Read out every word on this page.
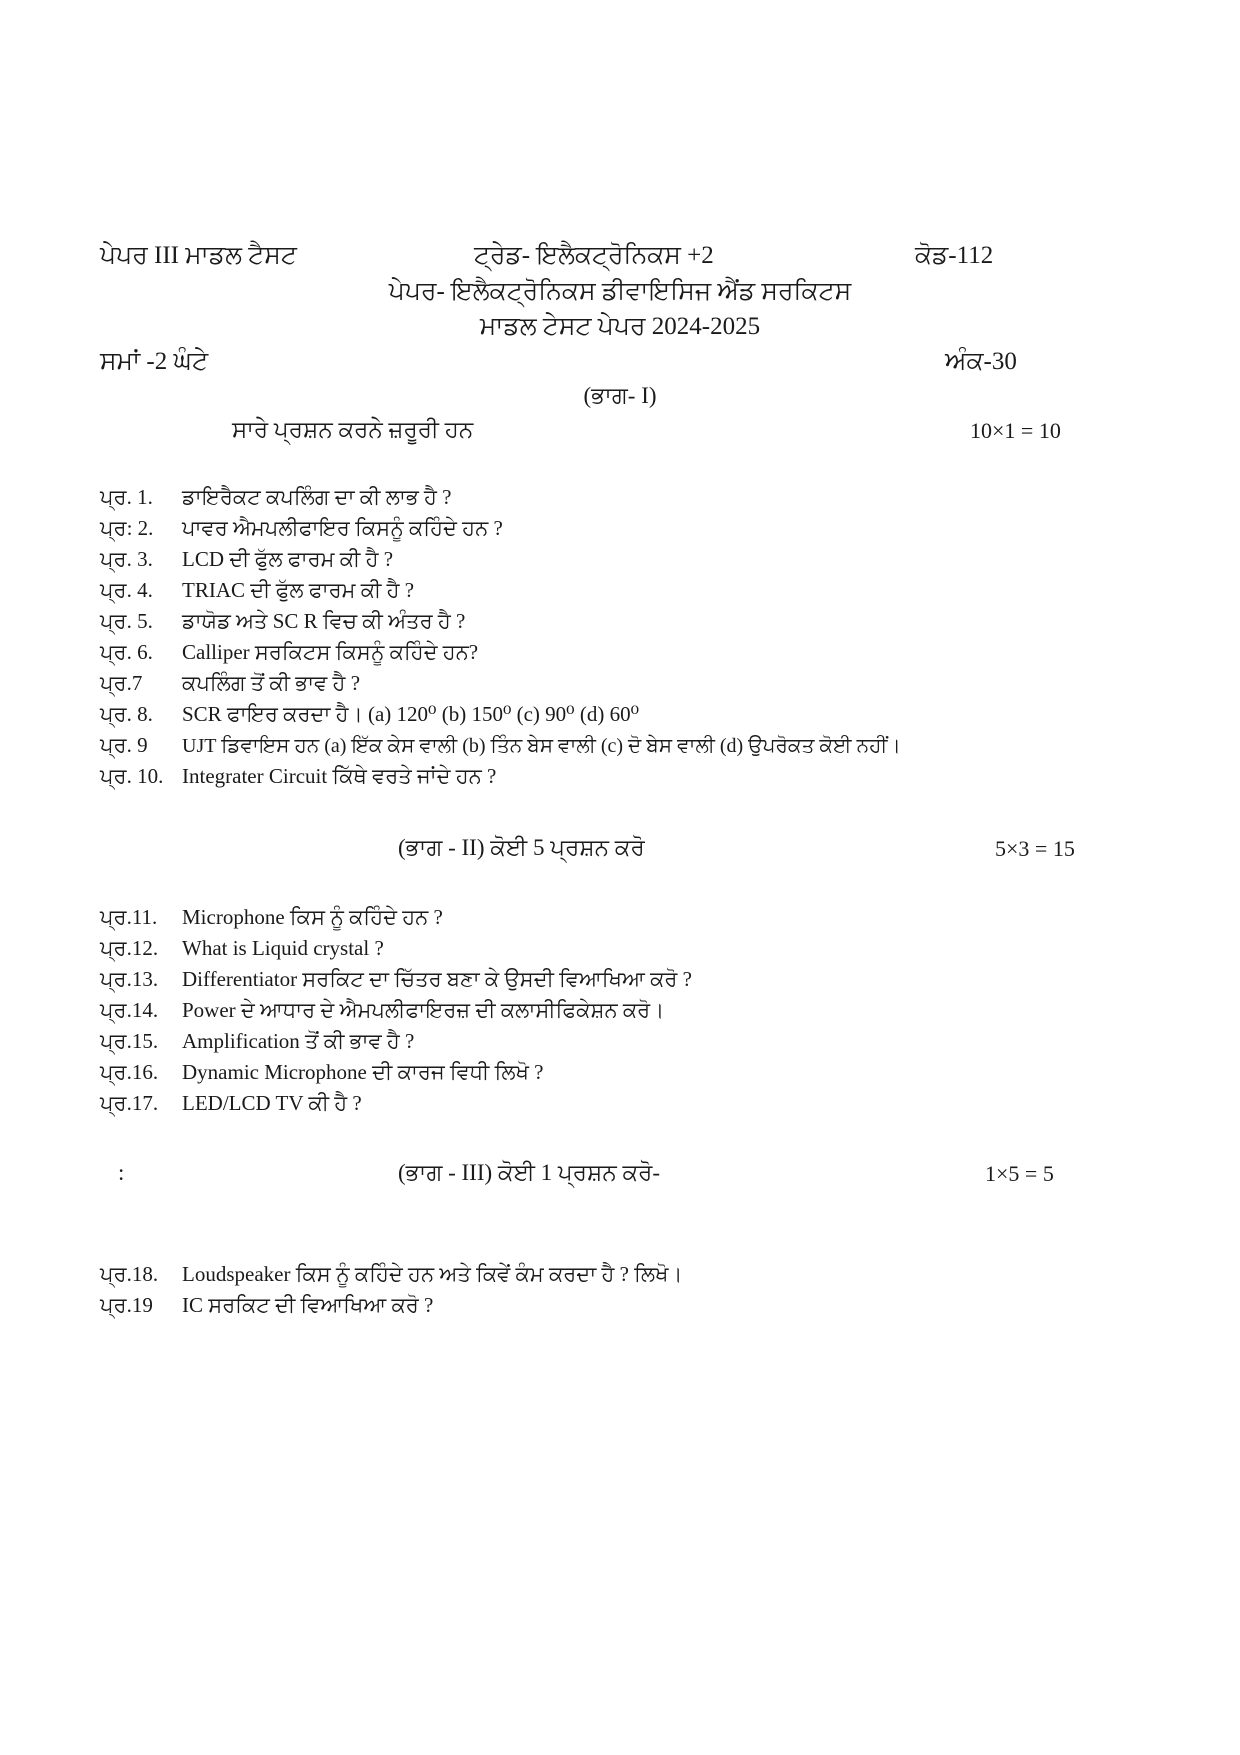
ਪੇਪਰ III ਮਾਡਲ ਟੈਸਟ	ਟ੍ਰੇਡ- ਇਲੈਕਟ੍ਰੋਨਿਕਸ +2	ਕੋਡ-112
ਪੇਪਰ- ਇਲੈਕਟ੍ਰੋਨਿਕਸ ਡੀਵਾਇਸਿਜ ਐਂਡ ਸਰਕਿਟਸ
ਮਾਡਲ ਟੇਸਟ ਪੇਪਰ 2024-2025
ਸਮਾਂ -2 ਘੰਟੇ	ਅੰਕ-30
(ਭਾਗ- I)
ਸਾਰੇ ਪ੍ਰਸ਼ਨ ਕਰਨੇ ਜ਼ਰੂਰੀ ਹਨ	10×1 = 10
ਪ੍ਰ. 1.	ਡਾਇਰੈਕਟ ਕਪਲਿੰਗ ਦਾ ਕੀ ਲਾਭ ਹੈ ?
ਪ੍ਰ: 2.	ਪਾਵਰ ਐਮਪਲੀਫਾਇਰ ਕਿਸਨੂੰ ਕਹਿੰਦੇ ਹਨ ?
ਪ੍ਰ. 3.	LCD ਦੀ ਫੁੱਲ ਫਾਰਮ ਕੀ ਹੈ ?
ਪ੍ਰ. 4.	TRIAC ਦੀ ਫੁੱਲ ਫਾਰਮ ਕੀ ਹੈ ?
ਪ੍ਰ. 5.	ਡਾਯੋਡ ਅਤੇ SC R ਵਿਚ ਕੀ ਅੰਤਰ ਹੈ ?
ਪ੍ਰ. 6.	Calliper ਸਰਕਿਟਸ ਕਿਸਨੂੰ ਕਹਿੰਦੇ ਹਨ?
ਪ੍ਰ.7	ਕਪਲਿੰਗ ਤੋਂ ਕੀ ਭਾਵ ਹੈ ?
ਪ੍ਰ. 8.	SCR ਫਾਇਰ ਕਰਦਾ ਹੈ। (a) 120⁰ (b) 150⁰ (c) 90⁰ (d) 60⁰
ਪ੍ਰ. 9	UJT ਡਿਵਾਇਸ ਹਨ (a) ਇੱਕ ਕੇਸ ਵਾਲੀ (b) ਤਿੰਨ ਬੇਸ ਵਾਲੀ (c) ਦੋ ਬੇਸ ਵਾਲੀ (d) ਉਪਰੋਕਤ ਕੋਈ ਨਹੀਂ।
ਪ੍ਰ. 10. Integrater Circuit ਕਿੱਥੇ ਵਰਤੇ ਜਾਂਦੇ ਹਨ ?
(ਭਾਗ - II) ਕੋਈ 5 ਪ੍ਰਸ਼ਨ ਕਰੋ	5×3 = 15
ਪ੍ਰ.11.	Microphone ਕਿਸ ਨੂੰ ਕਹਿੰਦੇ ਹਨ ?
ਪ੍ਰ.12.	What is Liquid crystal ?
ਪ੍ਰ.13.	Differentiator ਸਰਕਿਟ ਦਾ ਚਿੱਤਰ ਬਣਾ ਕੇ ਉਸਦੀ ਵਿਆਖਿਆ ਕਰੋ ?
ਪ੍ਰ.14.	Power ਦੇ ਆਧਾਰ ਦੇ ਐਮਪਲੀਫਾਇਰਜ਼ ਦੀ ਕਲਾਸੀਫਿਕੇਸ਼ਨ ਕਰੋ।
ਪ੍ਰ.15.	Amplification ਤੋਂ ਕੀ ਭਾਵ ਹੈ ?
ਪ੍ਰ.16.	Dynamic Microphone ਦੀ ਕਾਰਜ ਵਿਧੀ ਲਿਖੋ ?
ਪ੍ਰ.17.	LED/LCD TV ਕੀ ਹੈ ?
:	(ਭਾਗ - III) ਕੋਈ 1 ਪ੍ਰਸ਼ਨ ਕਰੋ-	1×5 = 5
ਪ੍ਰ.18.	Loudspeaker ਕਿਸ ਨੂੰ ਕਹਿੰਦੇ ਹਨ ਅਤੇ ਕਿਵੇਂ ਕੰਮ ਕਰਦਾ ਹੈ ? ਲਿਖੋ।
ਪ੍ਰ.19	IC ਸਰਕਿਟ ਦੀ ਵਿਆਖਿਆ ਕਰੋ ?
